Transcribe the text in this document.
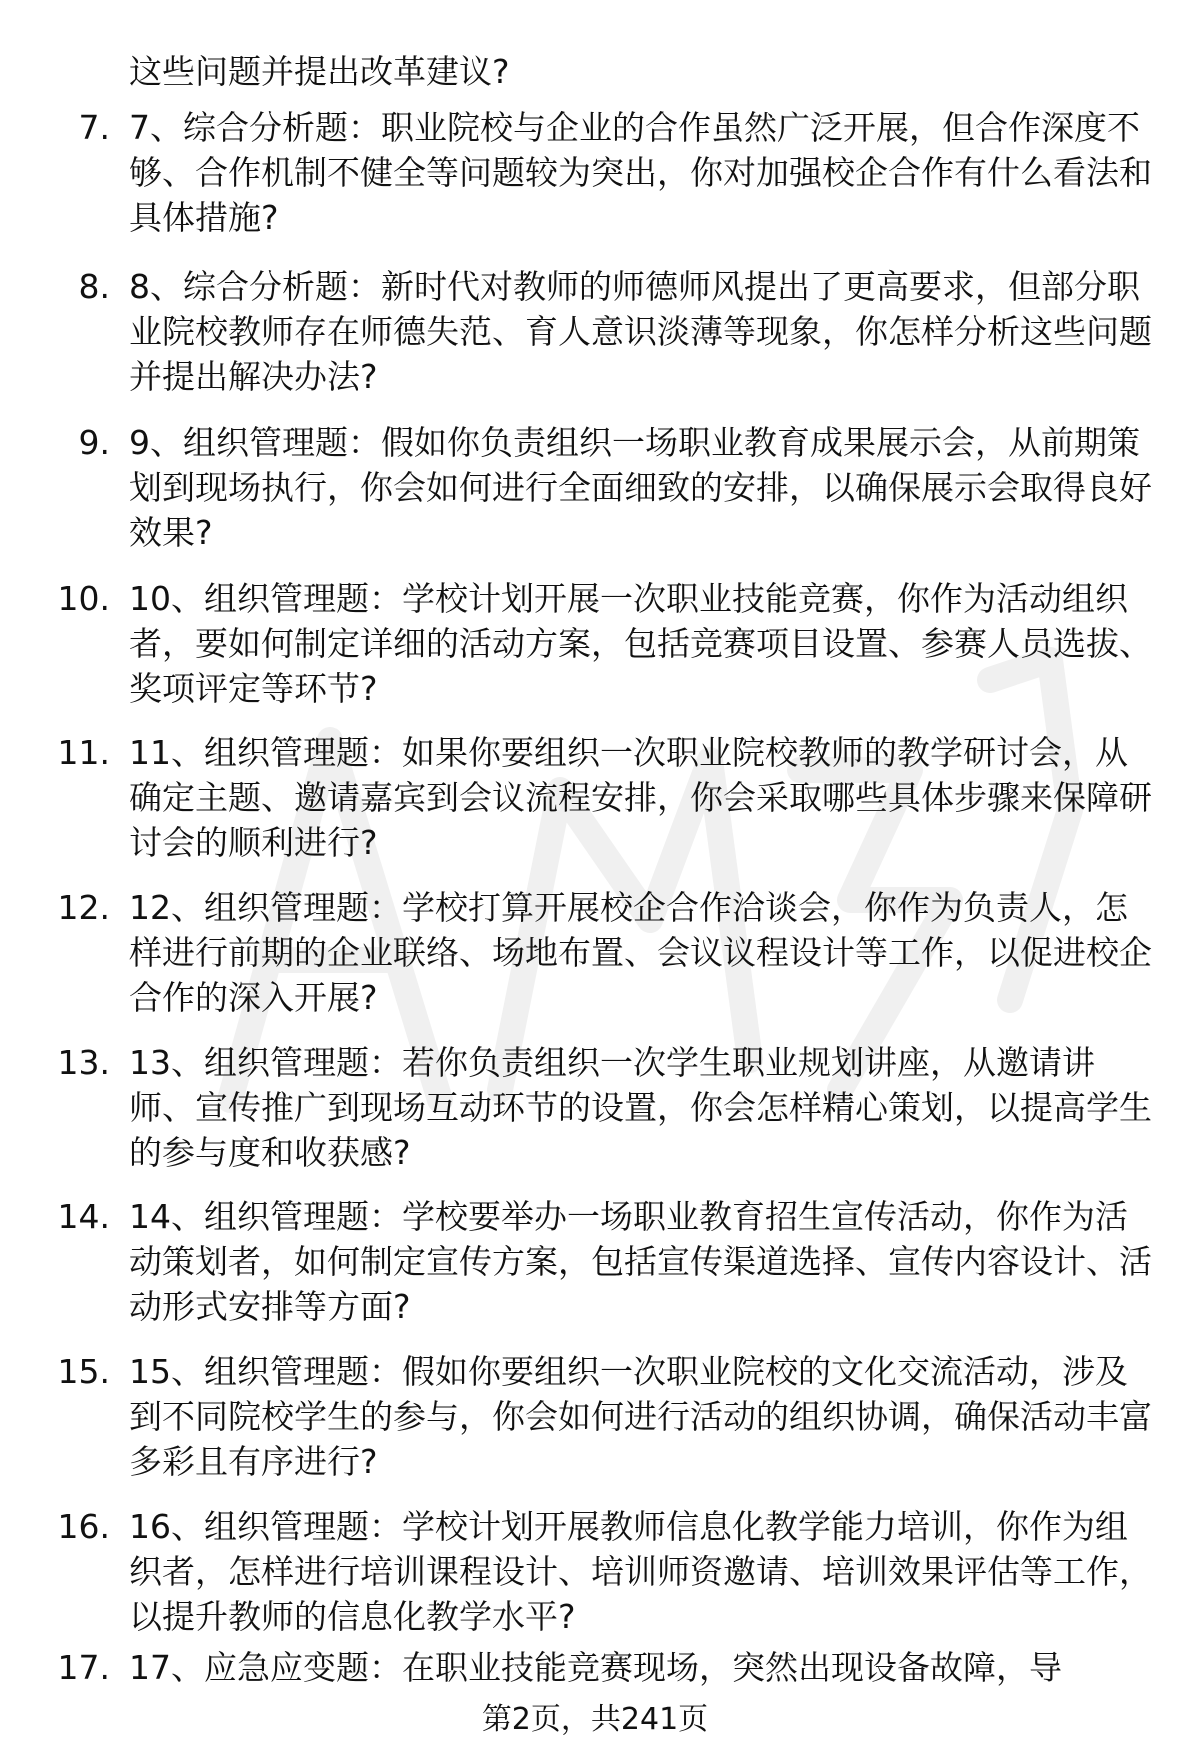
这些问题并提出改革建议?
7. 7、综合分析题：职业院校与企业的合作虽然广泛开展，但合作深度不够、合作机制不健全等问题较为突出，你对加强校企合作有什么看法和具体措施?

8. 8、综合分析题：新时代对教师的师德师风提出了更高要求，但部分职业院校教师存在师德失范、育人意识淡薄等现象，你怎样分析这些问题并提出解决办法?

9. 9、组织管理题：假如你负责组织一场职业教育成果展示会，从前期策划到现场执行，你会如何进行全面细致的安排，以确保展示会取得良好效果?

10. 10、组织管理题：学校计划开展一次职业技能竞赛，你作为活动组织者，要如何制定详细的活动方案，包括竞赛项目设置、参赛人员选拔、奖项评定等环节?

11. 11、组织管理题：如果你要组织一次职业院校教师的教学研讨会，从确定主题、邀请嘉宾到会议流程安排，你会采取哪些具体步骤来保障研讨会的顺利进行?

12. 12、组织管理题：学校打算开展校企合作洽谈会，你作为负责人，怎样进行前期的企业联络、场地布置、会议议程设计等工作，以促进校企合作的深入开展?

13. 13、组织管理题：若你负责组织一次学生职业规划讲座，从邀请讲师、宣传推广到现场互动环节的设置，你会怎样精心策划，以提高学生的参与度和收获感?

14. 14、组织管理题：学校要举办一场职业教育招生宣传活动，你作为活动策划者，如何制定宣传方案，包括宣传渠道选择、宣传内容设计、活动形式安排等方面?

15. 15、组织管理题：假如你要组织一次职业院校的文化交流活动，涉及到不同院校学生的参与，你会如何进行活动的组织协调，确保活动丰富多彩且有序进行?

16. 16、组织管理题：学校计划开展教师信息化教学能力培训，你作为组织者，怎样进行培训课程设计、培训师资邀请、培训效果评估等工作，以提升教师的信息化教学水平?

17. 17、应急应变题：在职业技能竞赛现场，突然出现设备故障，导

第2页，共241页
